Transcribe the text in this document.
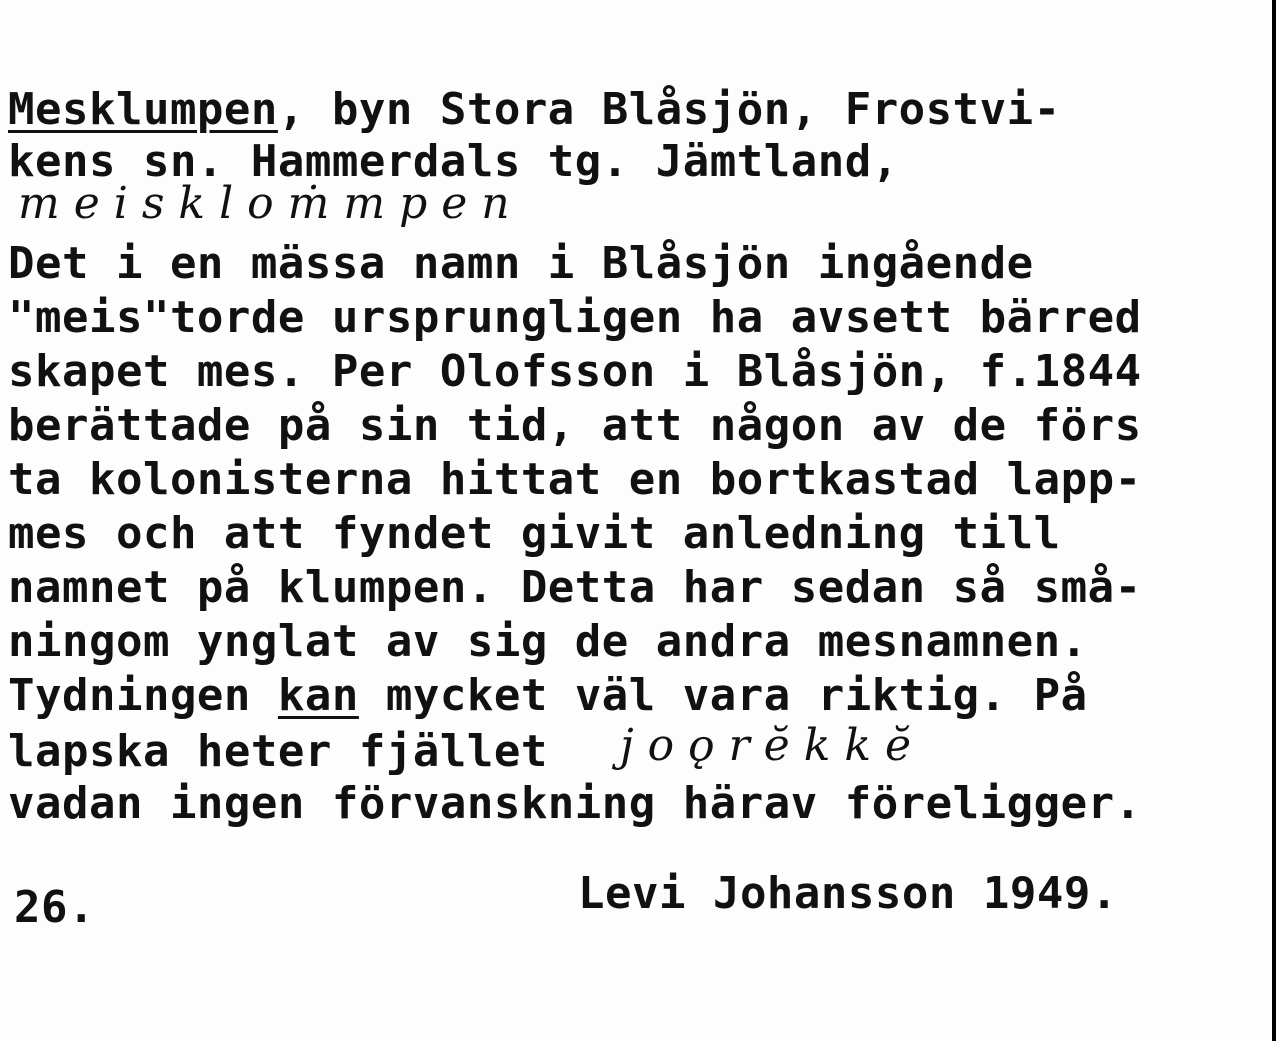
Mesklumpen, byn Stora Blåsjön, Frostvi-
kens sn. Hammerdals tg. Jämtland,
meiskloṁmpen
Det i en mässa namn i Blåsjön ingående
"meis"torde ursprungligen ha avsett bärred
skapet mes. Per Olofsson i Blåsjön, f.1844
berättade på sin tid, att någon av de förs
ta kolonisterna hittat en bortkastad lapp-
mes och att fyndet givit anledning till
namnet på klumpen. Detta har sedan så små-
ningom ynglat av sig de andra mesnamnen.
Tydningen kan mycket väl vara riktig. På
lapska heter fjället joǫrĕkkĕ
vadan ingen förvanskning härav föreligger.
26.	Levi Johansson 1949.
